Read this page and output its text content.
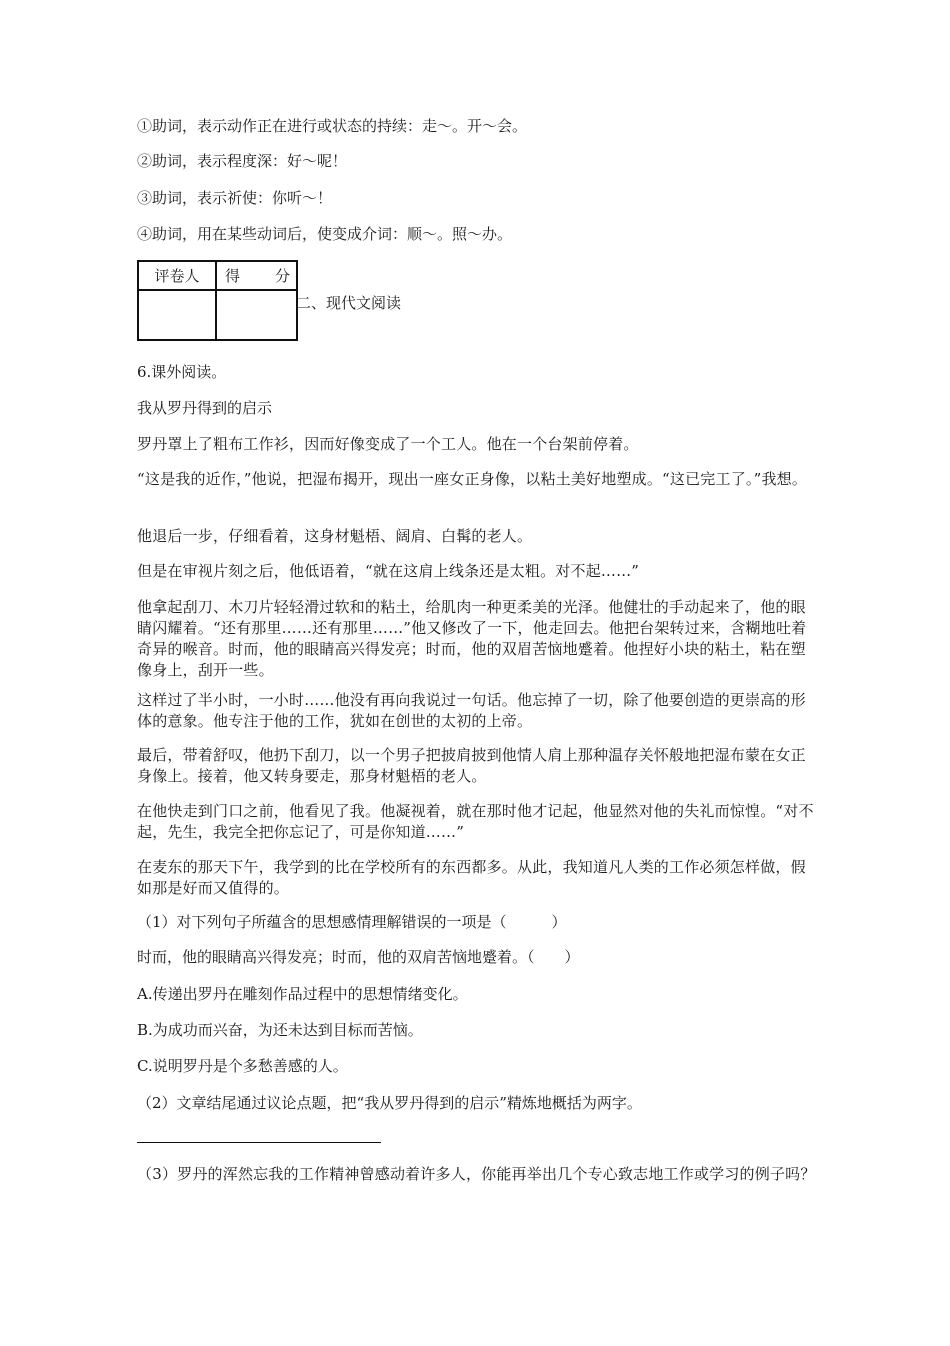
①助词，表示动作正在进行或状态的持续：走～。开～会。
②助词，表示程度深：好～呢！
③助词，表示祈使：你听～！
④助词，用在某些动词后，使变成介词：顺～。照～办。
评卷人	得 分

二、现代文阅读
6.课外阅读。
我从罗丹得到的启示
罗丹罩上了粗布工作衫，因而好像变成了一个工人。他在一个台架前停着。
“这是我的近作，”他说，把湿布揭开，现出一座女正身像，以粘土美好地塑成。“这已完工了。”我想。
他退后一步，仔细看着，这身材魁梧、阔肩、白髯的老人。
但是在审视片刻之后，他低语着，“就在这肩上线条还是太粗。对不起……”
他拿起刮刀、木刀片轻轻滑过软和的粘土，给肌肉一种更柔美的光泽。他健壮的手动起来了，他的眼睛闪耀着。“还有那里……还有那里……”他又修改了一下，他走回去。他把台架转过来，含糊地吐着奇异的喉音。时而，他的眼睛高兴得发亮；时而，他的双眉苦恼地蹙着。他捏好小块的粘土，粘在塑像身上，刮开一些。
这样过了半小时，一小时……他没有再向我说过一句话。他忘掉了一切，除了他要创造的更崇高的形体的意象。他专注于他的工作，犹如在创世的太初的上帝。
最后，带着舒叹，他扔下刮刀，以一个男子把披肩披到他情人肩上那种温存关怀般地把湿布蒙在女正身像上。接着，他又转身要走，那身材魁梧的老人。
在他快走到门口之前，他看见了我。他凝视着，就在那时他才记起，他显然对他的失礼而惊惶。“对不起，先生，我完全把你忘记了，可是你知道……”
在麦东的那天下午，我学到的比在学校所有的东西都多。从此，我知道凡人类的工作必须怎样做，假如那是好而又值得的。
（1）对下列句子所蕴含的思想感情理解错误的一项是（　　　）
时而，他的眼睛高兴得发亮；时而，他的双肩苦恼地蹙着。（　　）
A.传递出罗丹在雕刻作品过程中的思想情绪变化。
B.为成功而兴奋，为还未达到目标而苦恼。
C.说明罗丹是个多愁善感的人。
（2）文章结尾通过议论点题，把“我从罗丹得到的启示”精炼地概括为两字。
（3）罗丹的浑然忘我的工作精神曾感动着许多人，你能再举出几个专心致志地工作或学习的例子吗？
